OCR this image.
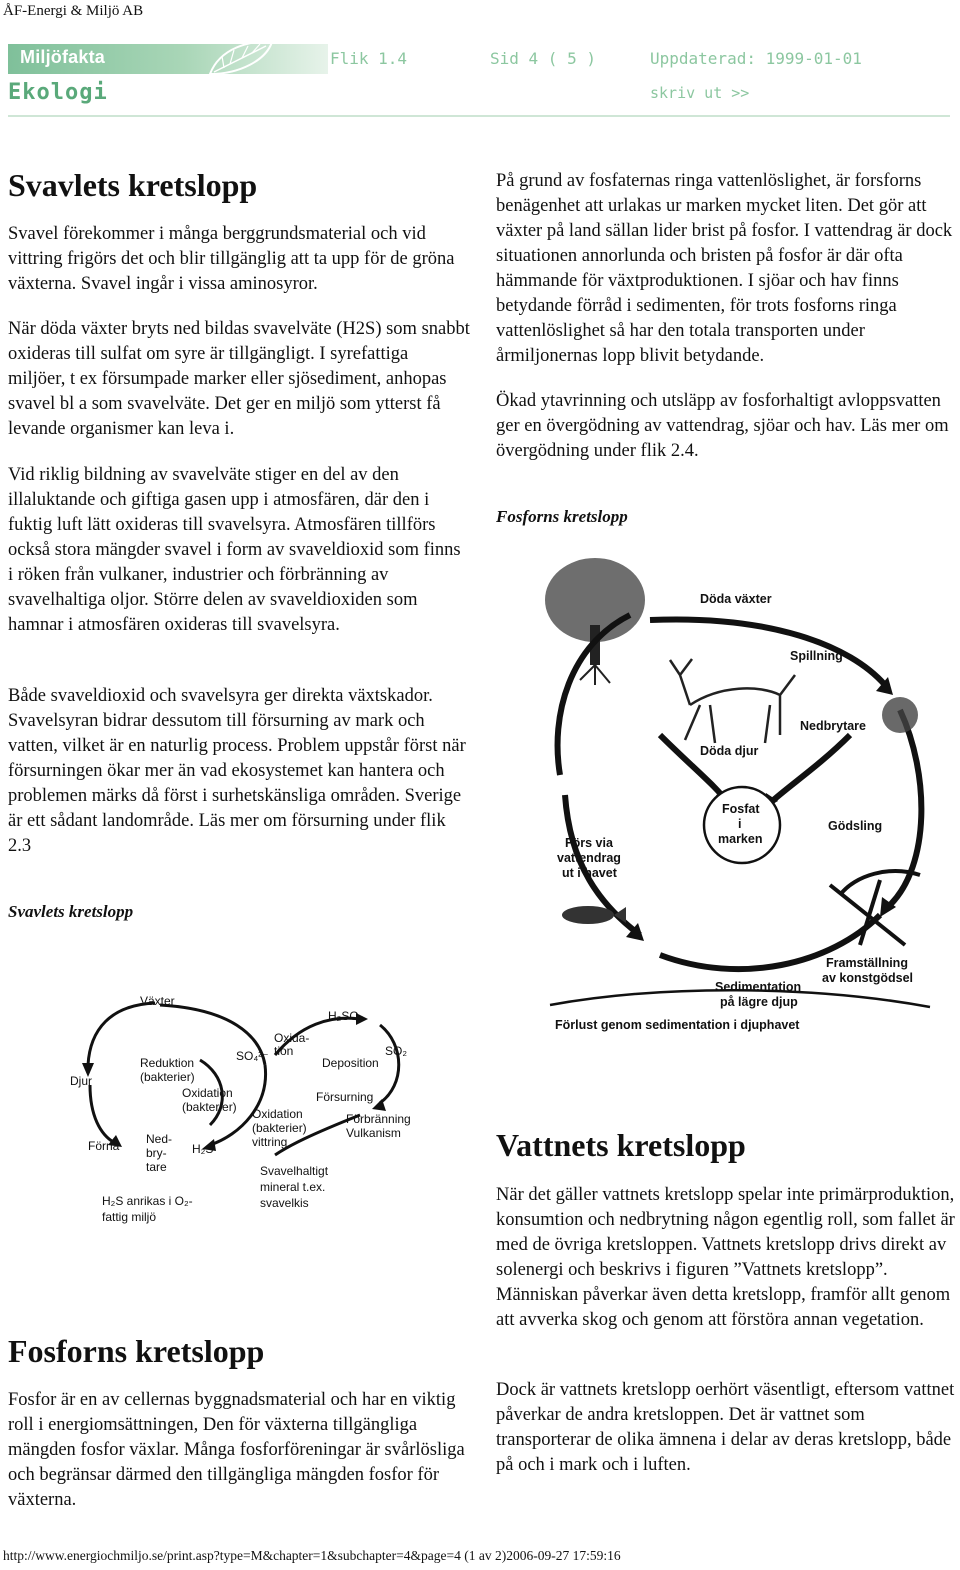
ÅF-Energi & Miljö AB
Miljöfakta	Flik 1.4	Sid 4 ( 5 )	Uppdaterad: 1999-01-01
Ekologi	skriv ut >>
Svavlets kretslopp

Svavel förekommer i många berggrundsmaterial och vid vittring frigörs det och blir tillgänglig att ta upp för de gröna växterna. Svavel ingår i vissa aminosyror.

När döda växter bryts ned bildas svavelväte (H2S) som snabbt oxideras till sulfat om syre är tillgängligt. I syrefattiga miljöer, t ex försumpade marker eller sjösediment, anhopas svavel bl a som svavelväte. Det ger en miljö som ytterst få levande organismer kan leva i.

Vid riklig bildning av svavelväte stiger en del av den illaluktande och giftiga gasen upp i atmosfären, där den i fuktig luft lätt oxideras till svavelsyra. Atmosfären tillförs också stora mängder svavel i form av svaveldioxid som finns i röken från vulkaner, industrier och förbränning av svavelhaltiga oljor. Större delen av svaveldioxiden som hamnar i atmosfären oxideras till svavelsyra.

Både svaveldioxid och svavelsyra ger direkta växtskador. Svavelsyran bidrar dessutom till försurning av mark och vatten, vilket är en naturlig process. Problem uppstår först när försurningen ökar mer än vad ekosystemet kan hantera och problemen märks då först i surhetskänsliga områden. Sverige är ett sådant landområde. Läs mer om försurning under flik 2.3

Svavlets kretslopp

Växter
Djur
Förna
Reduktion
(bakterier)
Oxidation
(bakterier)
SO₄²⁻
Oxida-
tion
H₂SO₄
SO₂
Deposition
Försurning
Ned-
bry-
tare
H₂S
Oxidation
(bakterier)
vittring
Förbränning
Vulkanism
Svavelhaltigt
mineral t.ex.
svavelkis
H₂S anrikas i O₂-
fattig miljö
Fosforns kretslopp

Fosfor är en av cellernas byggnadsmaterial och har en viktig roll i energiomsättningen, Den för växterna tillgängliga mängden fosfor växlar. Många fosforföreningar är svårlösliga och begränsar därmed den tillgängliga mängden fosfor för växterna.

På grund av fosfaternas ringa vattenlöslighet, är forsforns benägenhet att urlakas ur marken mycket liten. Det gör att växter på land sällan lider brist på fosfor. I vattendrag är dock situationen annorlunda och bristen på fosfor är där ofta hämmande för växtproduktionen. I sjöar och hav finns betydande förråd i sedimenten, för trots fosforns ringa vattenlöslighet så har den totala transporten under årmiljonernas lopp blivit betydande.

Ökad ytavrinning och utsläpp av fosforhaltigt avloppsvatten ger en övergödning av vattendrag, sjöar och hav. Läs mer om övergödning under flik 2.4.

Fosforns kretslopp

Döda växter
Spillning
Nedbrytare
Döda djur
Fosfat
i
marken
Gödsling
Förs via
vattendrag
ut i havet
Framställning
av konstgödsel
Sedimentation
på lägre djup
Förlust genom sedimentation i djuphavet
Vattnets kretslopp

När det gäller vattnets kretslopp spelar inte primärproduktion, konsumtion och nedbrytning någon egentlig roll, som fallet är med de övriga kretsloppen. Vattnets kretslopp drivs direkt av solenergi och beskrivs i figuren ”Vattnets kretslopp”. Människan påverkar även detta kretslopp, framför allt genom att avverka skog och genom att förstöra annan vegetation.

Dock är vattnets kretslopp oerhört väsentligt, eftersom vattnet påverkar de andra kretsloppen. Det är vattnet som transporterar de olika ämnena i delar av deras kretslopp, både på och i mark och i luften.

http://www.energiochmiljo.se/print.asp?type=M&chapter=1&subchapter=4&page=4 (1 av 2)2006-09-27 17:59:16
